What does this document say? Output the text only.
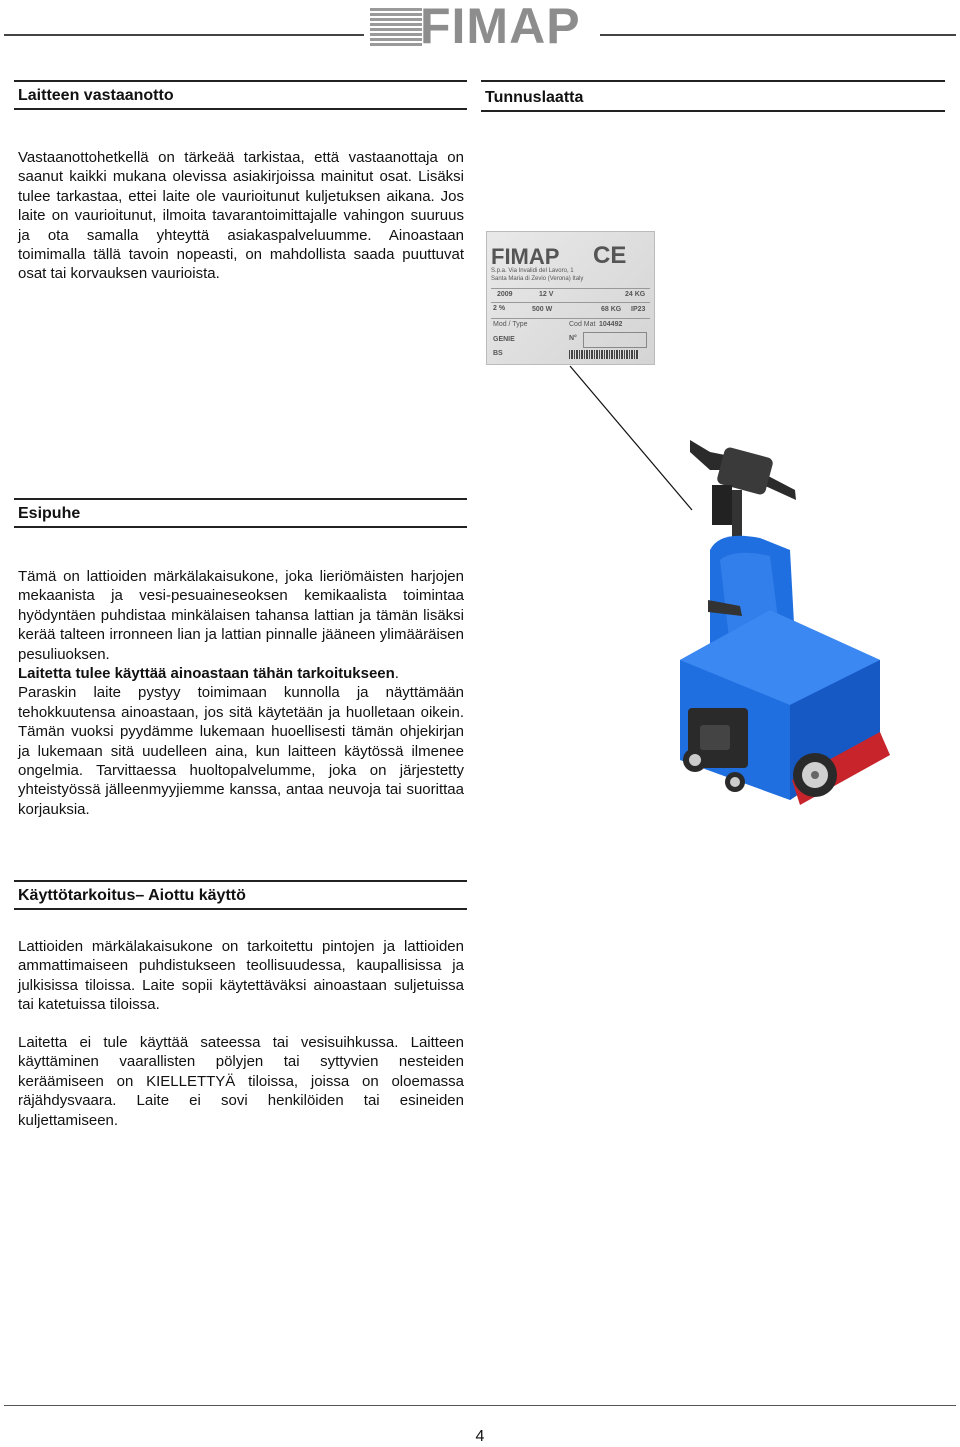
FIMAP
Laitteen vastaanotto

Vastaanottohetkellä on tärkeää tarkistaa, että vastaanottaja on saanut kaikki mukana olevissa asiakirjoissa mainitut osat. Lisäksi tulee tarkastaa, ettei laite ole vaurioitunut kuljetuksen aikana. Jos laite on vaurioitunut, ilmoita tavarantoimittajalle vahingon suuruus ja ota samalla yhteyttä asiakaspalveluumme. Ainoastaan toimimalla tällä tavoin nopeasti, on mahdollista saada puuttuvat osat tai korvauksen vaurioista.

Tunnuslaatta
FIMAP CE
S.p.a. Via Invalidi del Lavoro, 1
Santa Maria di Zevio (Verona) Italy
2009	12 V	24 KG
2 %	500 W	68 KG IP23
Mod / Type	Cod Mat 104492
GENIE	N°
BS
Esipuhe

Tämä on lattioiden märkälakaisukone, joka lieriömäisten harjojen mekaanista ja vesi-pesuaineseoksen kemikaalista toimintaa hyödyntäen puhdistaa minkälaisen tahansa lattian ja tämän lisäksi kerää talteen irronneen lian ja lattian pinnalle jääneen ylimääräisen pesuliuoksen.

Laitetta tulee käyttää ainoastaan tähän tarkoitukseen.

Paraskin laite pystyy toimimaan kunnolla ja näyttämään tehokkuutensa ainoastaan, jos sitä käytetään ja huolletaan oikein. Tämän vuoksi pyydämme lukemaan huoellisesti tämän ohjekirjan ja lukemaan sitä uudelleen aina, kun laitteen käytössä ilmenee ongelmia. Tarvittaessa huoltopalvelumme, joka on järjestetty yhteistyössä jälleenmyyjiemme kanssa, antaa neuvoja tai suorittaa korjauksia.

Käyttötarkoitus– Aiottu käyttö

Lattioiden märkälakaisukone on tarkoitettu pintojen ja lattioiden ammattimaiseen puhdistukseen teollisuudessa, kaupallisissa ja julkisissa tiloissa. Laite sopii käytettäväksi ainoastaan suljetuissa tai katetuissa tiloissa.

Laitetta ei tule käyttää sateessa tai vesisuihkussa. Laitteen käyttäminen vaarallisten pölyjen tai syttyvien nesteiden keräämiseen on KIELLETTYÄ tiloissa, joissa on oloemassa räjähdysvaara. Laite ei sovi henkilöiden tai esineiden kuljettamiseen.

4
